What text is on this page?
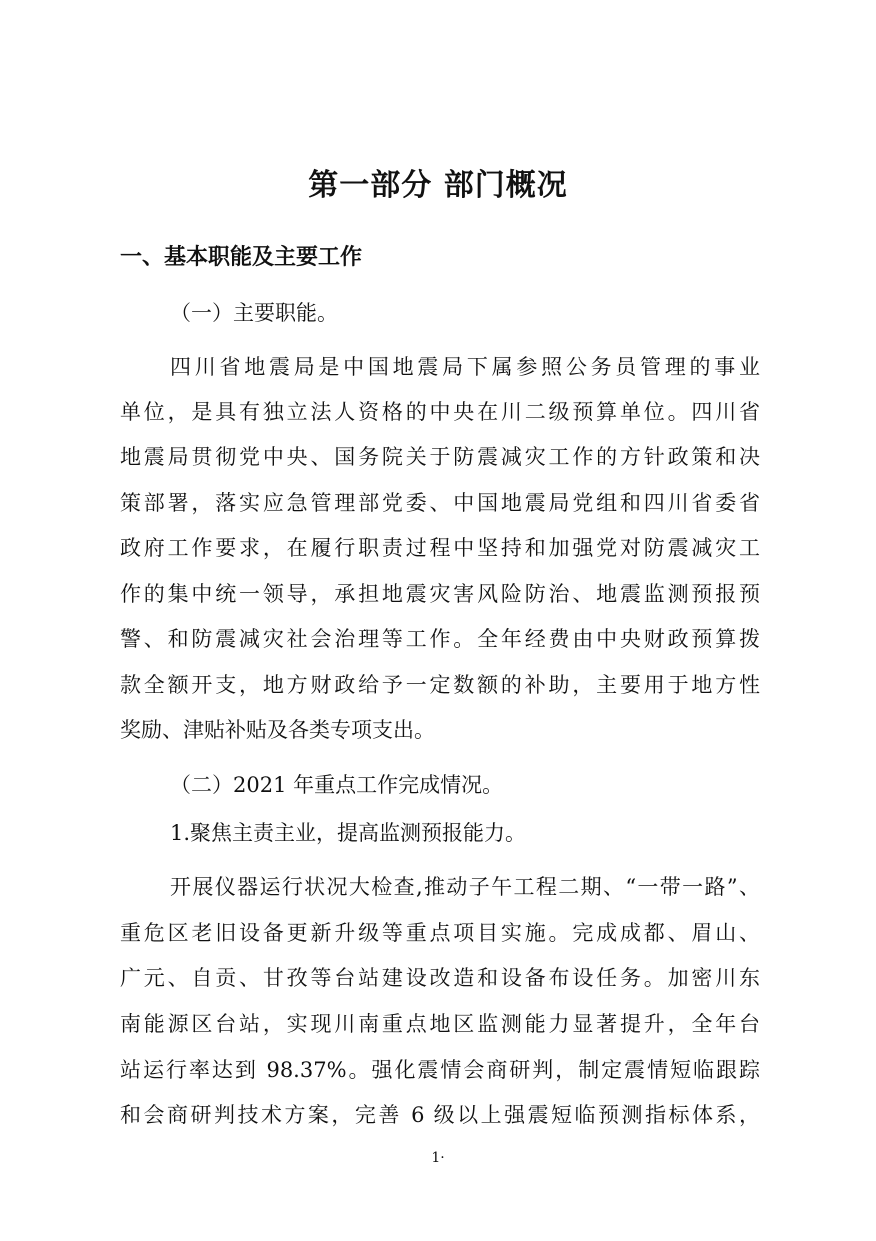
第一部分 部门概况
一、基本职能及主要工作
（一）主要职能。
四川省地震局是中国地震局下属参照公务员管理的事业
单位，是具有独立法人资格的中央在川二级预算单位。四川省
地震局贯彻党中央、国务院关于防震减灾工作的方针政策和决
策部署，落实应急管理部党委、中国地震局党组和四川省委省
政府工作要求，在履行职责过程中坚持和加强党对防震减灾工
作的集中统一领导，承担地震灾害风险防治、地震监测预报预
警、和防震减灾社会治理等工作。全年经费由中央财政预算拨
款全额开支，地方财政给予一定数额的补助，主要用于地方性
奖励、津贴补贴及各类专项支出。
（二）2021 年重点工作完成情况。
1.聚焦主责主业，提高监测预报能力。
开展仪器运行状况大检查,推动子午工程二期、“一带一路”、
重危区老旧设备更新升级等重点项目实施。完成成都、眉山、
广元、自贡、甘孜等台站建设改造和设备布设任务。加密川东
南能源区台站，实现川南重点地区监测能力显著提升，全年台
站运行率达到 98.37%。强化震情会商研判，制定震情短临跟踪
和会商研判技术方案，完善 6 级以上强震短临预测指标体系，
1·
